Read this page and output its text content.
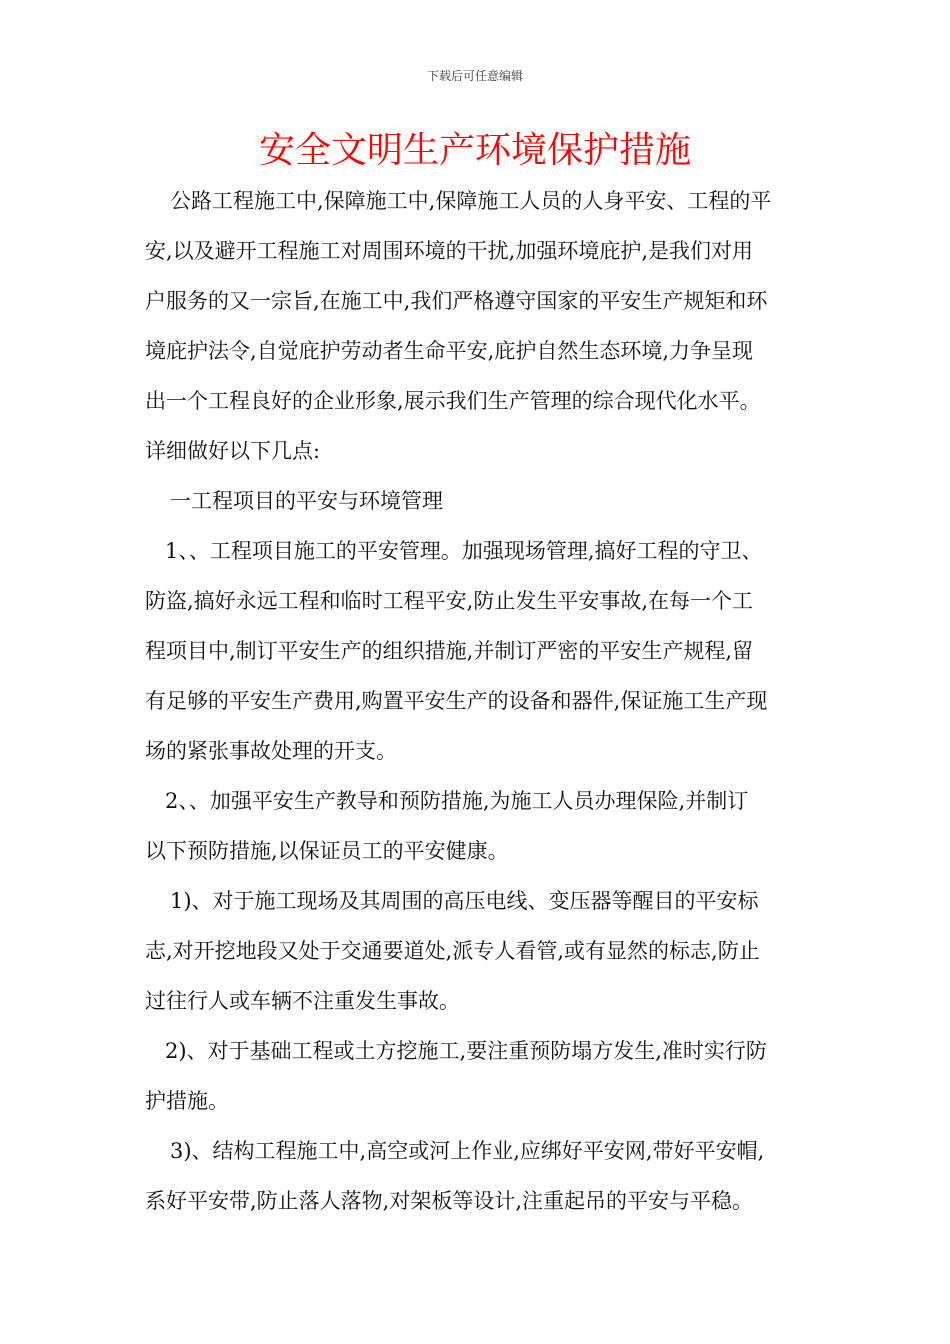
下载后可任意编辑
安全文明生产环境保护措施
公路工程施工中,保障施工中,保障施工人员的人身平安、工程的平
安,以及避开工程施工对周围环境的干扰,加强环境庇护,是我们对用
户服务的又一宗旨,在施工中,我们严格遵守国家的平安生产规矩和环
境庇护法令,自觉庇护劳动者生命平安,庇护自然生态环境,力争呈现
出一个工程良好的企业形象,展示我们生产管理的综合现代化水平。
详细做好以下几点:
一工程项目的平安与环境管理
1、、工程项目施工的平安管理。加强现场管理,搞好工程的守卫、
防盗,搞好永远工程和临时工程平安,防止发生平安事故,在每一个工
程项目中,制订平安生产的组织措施,并制订严密的平安生产规程,留
有足够的平安生产费用,购置平安生产的设备和器件,保证施工生产现
场的紧张事故处理的开支。
2、、加强平安生产教导和预防措施,为施工人员办理保险,并制订
以下预防措施,以保证员工的平安健康。
1)、对于施工现场及其周围的高压电线、变压器等醒目的平安标
志,对开挖地段又处于交通要道处,派专人看管,或有显然的标志,防止
过往行人或车辆不注重发生事故。
2)、对于基础工程或土方挖施工,要注重预防塌方发生,准时实行防
护措施。
3)、结构工程施工中,高空或河上作业,应绑好平安网,带好平安帽,
系好平安带,防止落人落物,对架板等设计,注重起吊的平安与平稳。
